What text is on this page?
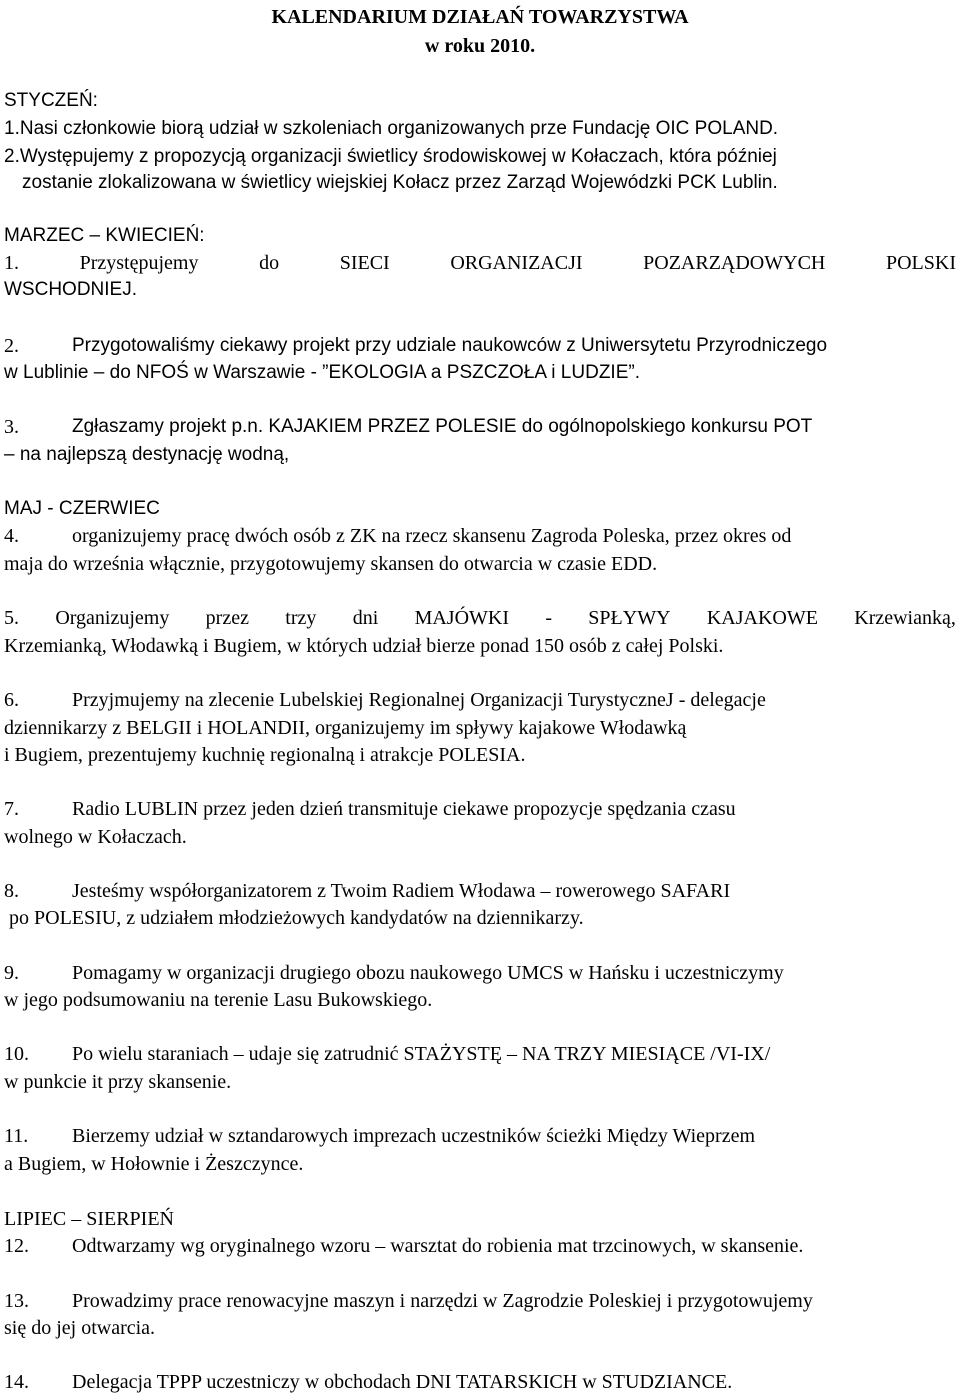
KALENDARIUM DZIAŁAŃ TOWARZYSTWA
w roku 2010.
STYCZEŃ:
1.Nasi członkowie biorą udział w szkoleniach organizowanych prze Fundację OIC POLAND.
2.Występujemy z propozycją organizacji świetlicy środowiskowej w Kołaczach, która później
zostanie zlokalizowana w świetlicy wiejskiej Kołacz przez Zarząd Wojewódzki PCK Lublin.
MARZEC – KWIECIEŃ:
1.	Przystępujemy	do	SIECI	ORGANIZACJI	POZARZĄDOWYCH	POLSKI
WSCHODNIEJ.
2.	Przygotowaliśmy ciekawy projekt przy udziale naukowców z Uniwersytetu Przyrodniczego
w Lublinie – do NFOŚ w Warszawie - ”EKOLOGIA a PSZCZOŁA i LUDZIE”.
3.	Zgłaszamy projekt p.n. KAJAKIEM PRZEZ POLESIE do ogólnopolskiego konkursu POT
– na najlepszą destynację wodną,
MAJ - CZERWIEC
4.	organizujemy pracę dwóch osób z ZK na rzecz skansenu Zagroda Poleska, przez okres od
maja do września włącznie, przygotowujemy skansen do otwarcia w czasie EDD.
5. Organizujemy przez trzy dni MAJÓWKI - SPŁYWY KAJAKOWE Krzewianką,
Krzemianką, Włodawką i Bugiem, w których udział bierze ponad 150 osób z całej Polski.
6.	Przyjmujemy na zlecenie Lubelskiej Regionalnej Organizacji TurystyczneJ - delegacje
dziennikarzy z BELGII i HOLANDII, organizujemy im spływy kajakowe Włodawką
i Bugiem, prezentujemy kuchnię regionalną i atrakcje POLESIA.
7.	Radio LUBLIN przez jeden dzień transmituje ciekawe propozycje spędzania czasu
wolnego w Kołaczach.
8.	Jesteśmy współorganizatorem z Twoim Radiem Włodawa – rowerowego SAFARI
po POLESIU, z udziałem młodzieżowych kandydatów na dziennikarzy.
9.	Pomagamy w organizacji drugiego obozu naukowego UMCS w Hańsku i uczestniczymy
w jego podsumowaniu na terenie Lasu Bukowskiego.
10. Po wielu staraniach – udaje się zatrudnić STAŻYSTĘ – NA TRZY MIESIĄCE /VI-IX/
w punkcie it przy skansenie.
11. Bierzemy udział w sztandarowych imprezach uczestników ścieżki Między Wieprzem
a Bugiem, w Hołownie i Żeszczynce.
LIPIEC – SIERPIEŃ
12. Odtwarzamy wg oryginalnego wzoru – warsztat do robienia mat trzcinowych, w skansenie.
13. Prowadzimy prace renowacyjne maszyn i narzędzi w Zagrodzie Poleskiej i przygotowujemy
się do jej otwarcia.
14. Delegacja TPPP uczestniczy w obchodach DNI TATARSKICH w STUDZIANCE.
